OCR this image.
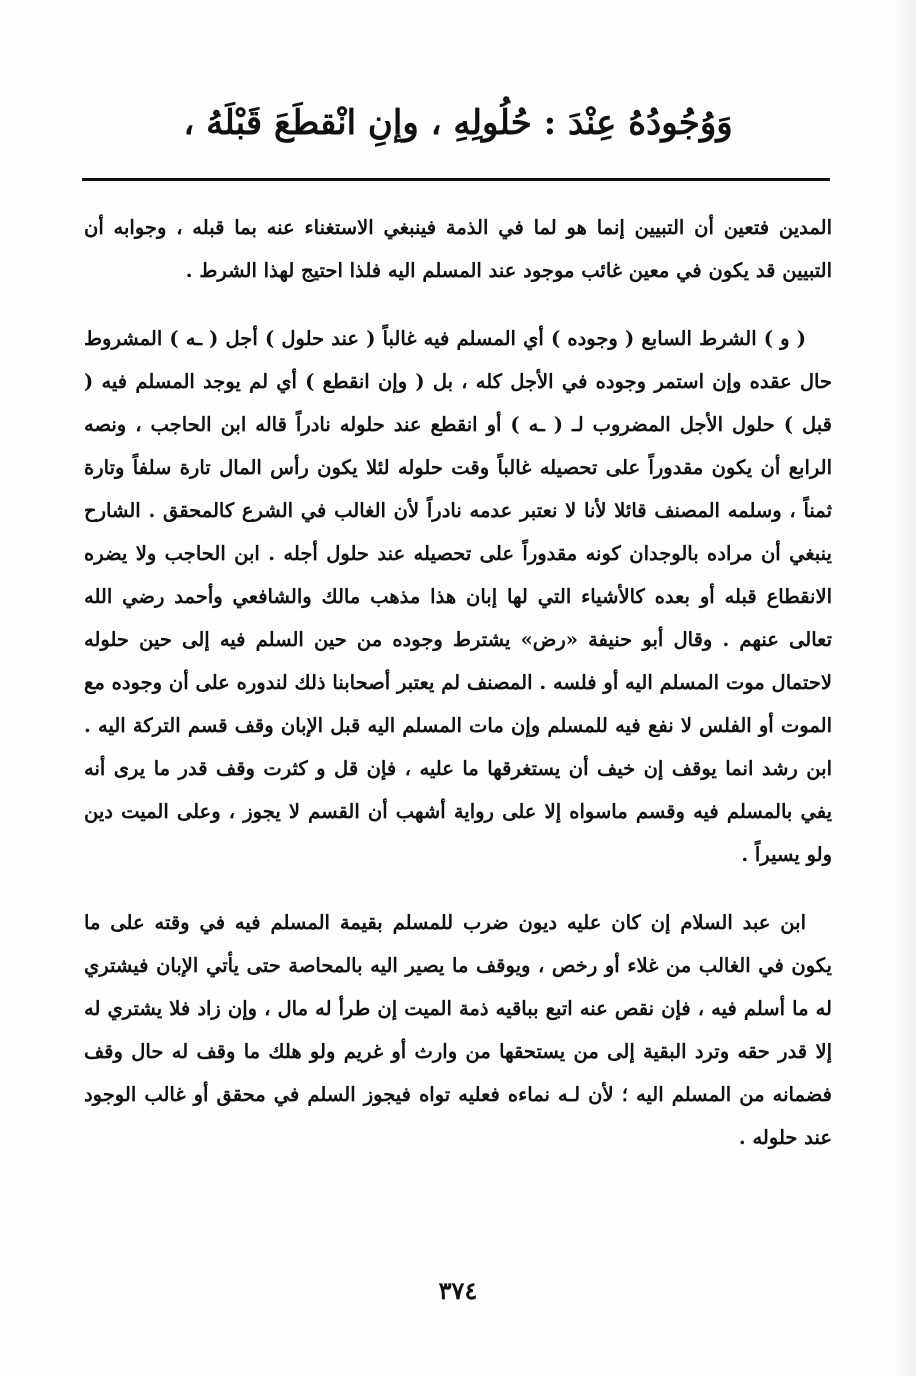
وَوُجُودُهُ عِنْدَ : حُلُولِهِ ، وإنِ انْقطَعَ قَبْلَهُ ،

المدين فتعين أن التبيين إنما هو لما في الذمة فينبغي الاستغناء عنه بما قبله ، وجوابه أن التبيين قد يكون في معين غائب موجود عند المسلم اليه فلذا احتيج لهذا الشرط .

( و ) الشرط السابع ( وجوده ) أي المسلم فيه غالباً ( عند حلول ) أجل ( ـه ) المشروط حال عقده وإن استمر وجوده في الأجل كله ، بل ( وإن انقطع ) أي لم يوجد المسلم فيه ( قبل ) حلول الأجل المضروب لـ ( ـه ) أو انقطع عند حلوله نادراً قاله ابن الحاجب ، ونصه الرابع أن يكون مقدوراً على تحصيله غالباً وقت حلوله لئلا يكون رأس المال تارة سلفاً وتارة ثمناً ، وسلمه المصنف قائلا لأنا لا نعتبر عدمه نادراً لأن الغالب في الشرع كالمحقق . الشارح ينبغي أن مراده بالوجدان كونه مقدوراً على تحصيله عند حلول أجله . ابن الحاجب ولا يضره الانقطاع قبله أو بعده كالأشياء التي لها إبان هذا مذهب مالك والشافعي وأحمد رضي الله تعالى عنهم . وقال أبو حنيفة «رض» يشترط وجوده من حين السلم فيه إلى حين حلوله لاحتمال موت المسلم اليه أو فلسه . المصنف لم يعتبر أصحابنا ذلك لندوره على أن وجوده مع الموت أو الفلس لا نفع فيه للمسلم وإن مات المسلم اليه قبل الإبان وقف قسم التركة اليه . ابن رشد انما يوقف إن خيف أن يستغرقها ما عليه ، فإن قل و كثرت وقف قدر ما يرى أنه يفي بالمسلم فيه وقسم ماسواه إلا على رواية أشهب أن القسم لا يجوز ، وعلى الميت دين ولو يسيراً .

ابن عبد السلام إن كان عليه ديون ضرب للمسلم بقيمة المسلم فيه في وقته على ما يكون في الغالب من غلاء أو رخص ، ويوقف ما يصير اليه بالمحاصة حتى يأتي الإبان فيشتري له ما أسلم فيه ، فإن نقص عنه اتبع بباقيه ذمة الميت إن طرأ له مال ، وإن زاد فلا يشتري له إلا قدر حقه وترد البقية إلى من يستحقها من وارث أو غريم ولو هلك ما وقف له حال وقف فضمانه من المسلم اليه ؛ لأن لـه نماءه فعليه تواه فيجوز السلم في محقق أو غالب الوجود عند حلوله .

٣٧٤
